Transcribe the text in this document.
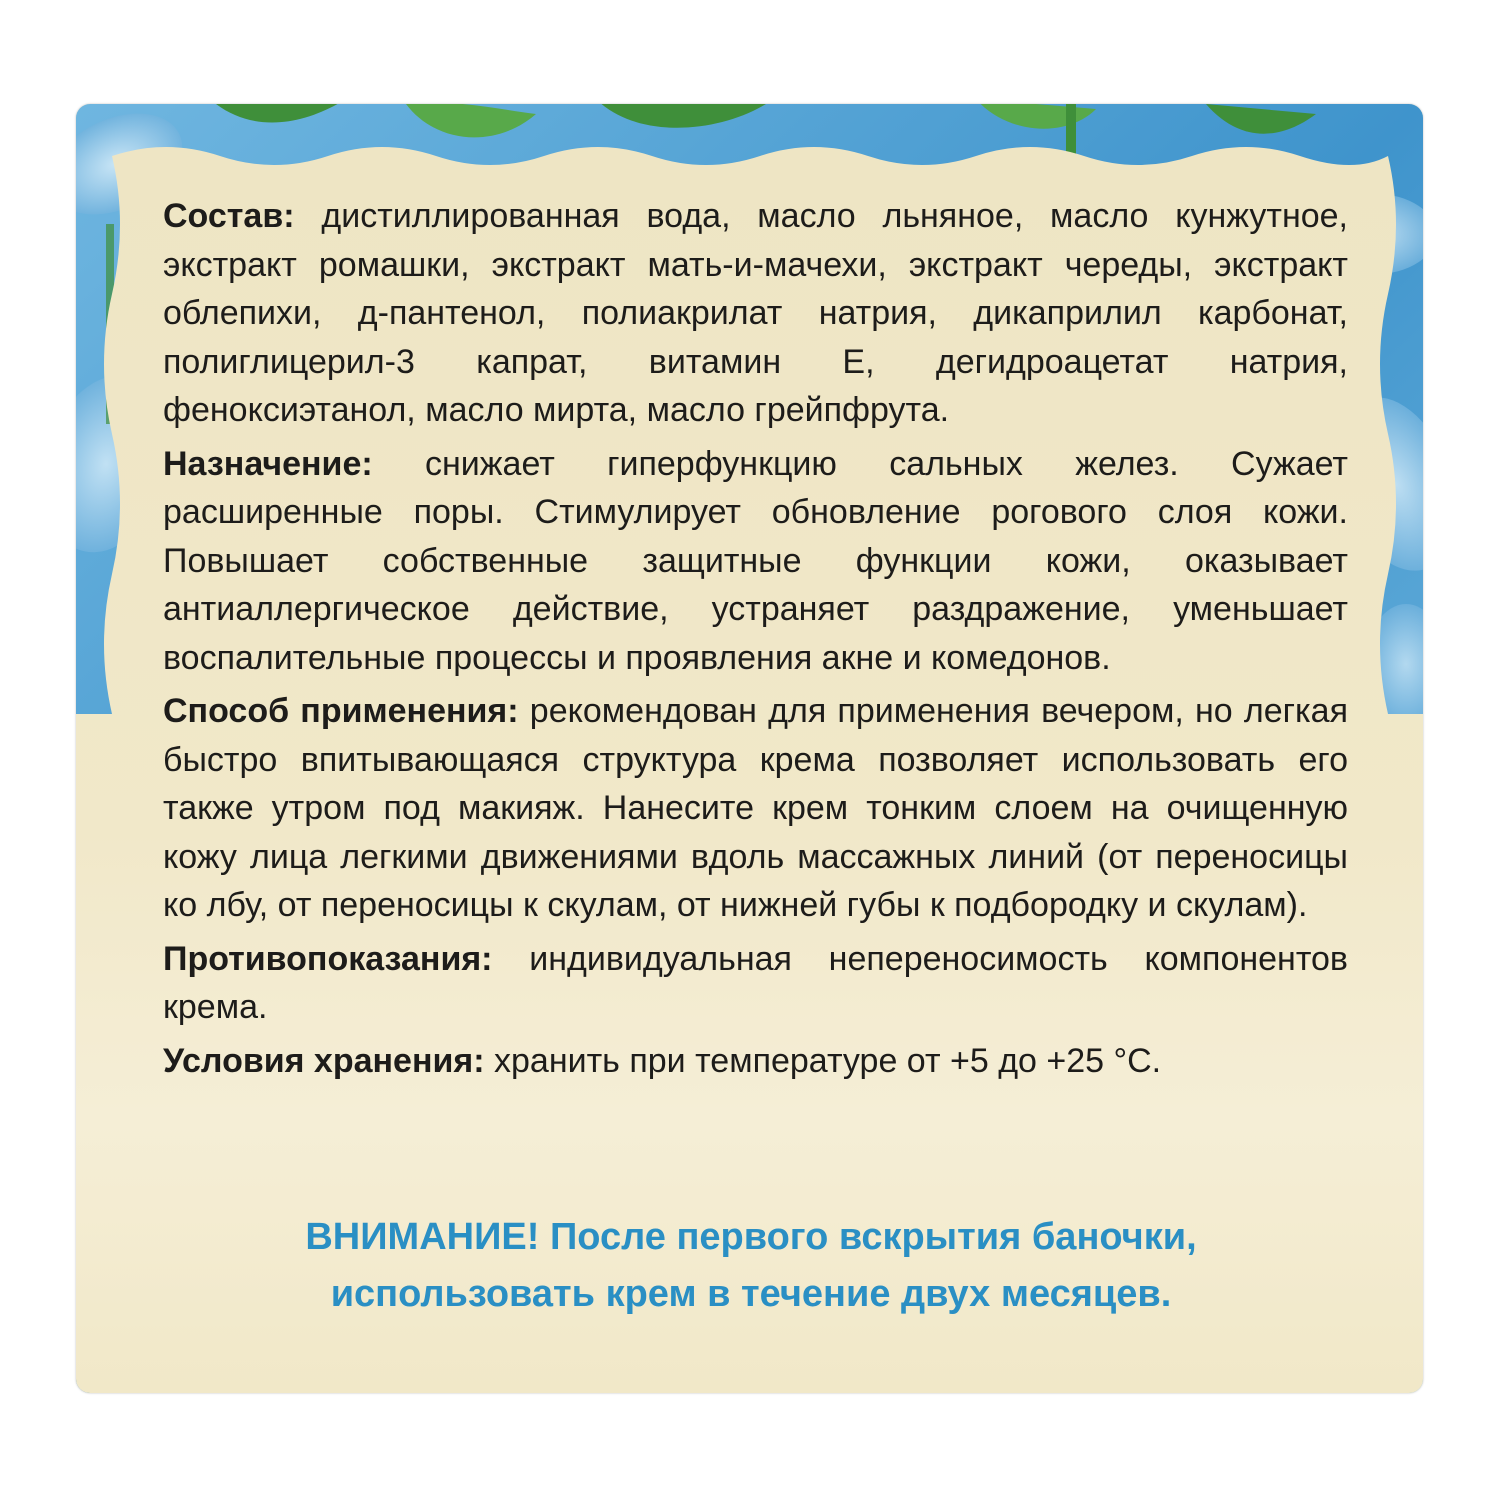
Состав: дистиллированная вода, масло льняное, масло кунжутное, экстракт ромашки, экстракт мать-и-мачехи, экстракт череды, экстракт облепихи, д-пантенол, полиакрилат натрия, дикаприлил карбонат, полиглицерил-3 капрат, витамин Е, дегидроацетат натрия, феноксиэтанол, масло мирта, масло грейпфрута.

Назначение: снижает гиперфункцию сальных желез. Сужает расширенные поры. Стимулирует обновление рогового слоя кожи. Повышает собственные защитные функции кожи, оказывает антиаллергическое действие, устраняет раздражение, уменьшает воспалительные процессы и проявления акне и комедонов.

Способ применения: рекомендован для применения вечером, но легкая быстро впитывающаяся структура крема позволяет использовать его также утром под макияж. Нанесите крем тонким слоем на очищенную кожу лица легкими движениями вдоль массажных линий (от переносицы ко лбу, от переносицы к скулам, от нижней губы к подбородку и скулам).

Противопоказания: индивидуальная непереносимость компонентов крема.

Условия хранения: хранить при температуре от +5 до +25 °С.

ВНИМАНИЕ! После первого вскрытия баночки,
использовать крем в течение двух месяцев.
